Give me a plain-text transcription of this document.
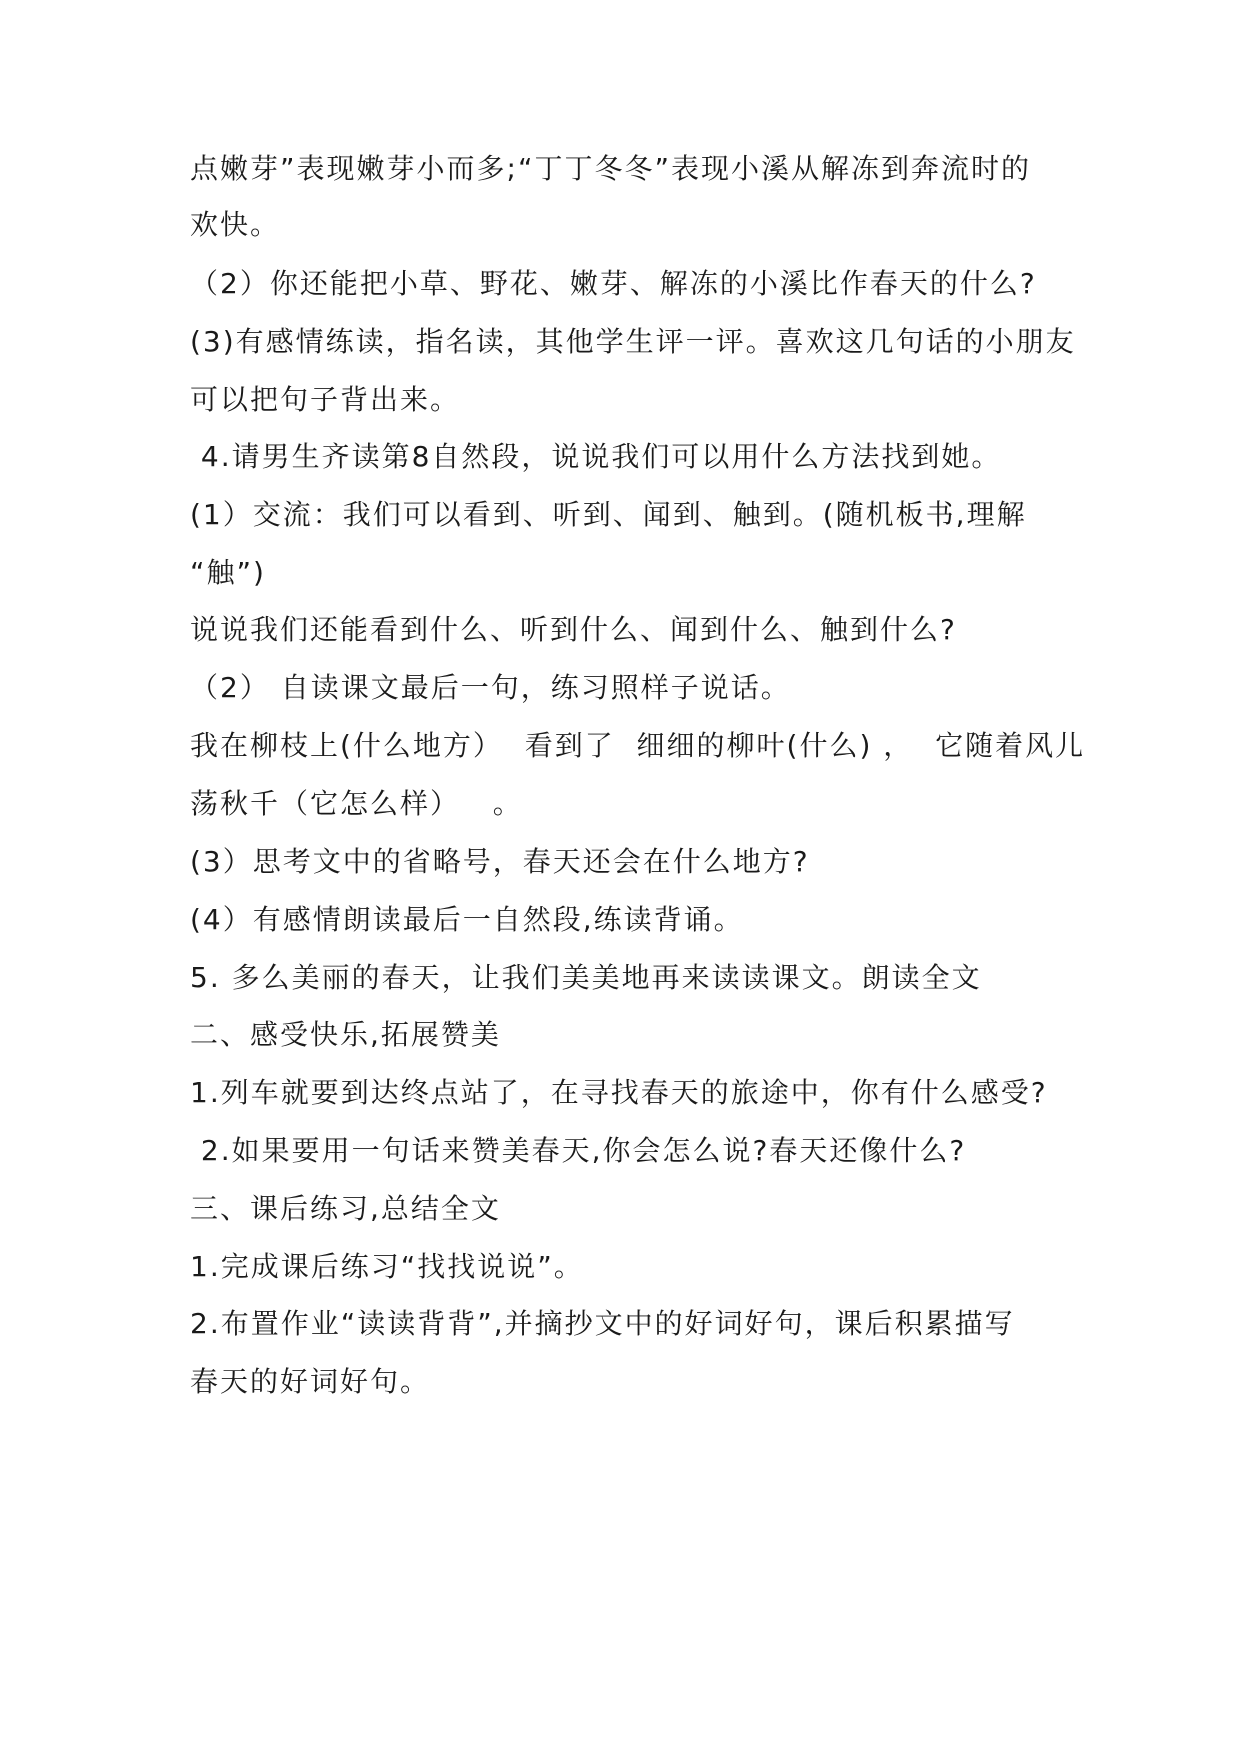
点嫩芽”表现嫩芽小而多;“丁丁冬冬”表现小溪从解冻到奔流时的
欢快。
（2）你还能把小草、野花、嫩芽、解冻的小溪比作春天的什么?
(3)有感情练读，指名读，其他学生评一评。喜欢这几句话的小朋友
可以把句子背出来。
4.请男生齐读第8自然段，说说我们可以用什么方法找到她。
(1）交流：我们可以看到、听到、闻到、触到。(随机板书,理解
“触”)
说说我们还能看到什么、听到什么、闻到什么、触到什么?
（2） 自读课文最后一句，练习照样子说话。
我在柳枝上(什么地方）  看到了  细细的柳叶(什么) ，  它随着风儿
荡秋千（它怎么样）   。
(3）思考文中的省略号，春天还会在什么地方?
(4）有感情朗读最后一自然段,练读背诵。
5. 多么美丽的春天，让我们美美地再来读读课文。朗读全文
二、感受快乐,拓展赞美
1.列车就要到达终点站了，在寻找春天的旅途中，你有什么感受?
2.如果要用一句话来赞美春天,你会怎么说?春天还像什么?
三、课后练习,总结全文
1.完成课后练习“找找说说”。
2.布置作业“读读背背”,并摘抄文中的好词好句，课后积累描写
春天的好词好句。
